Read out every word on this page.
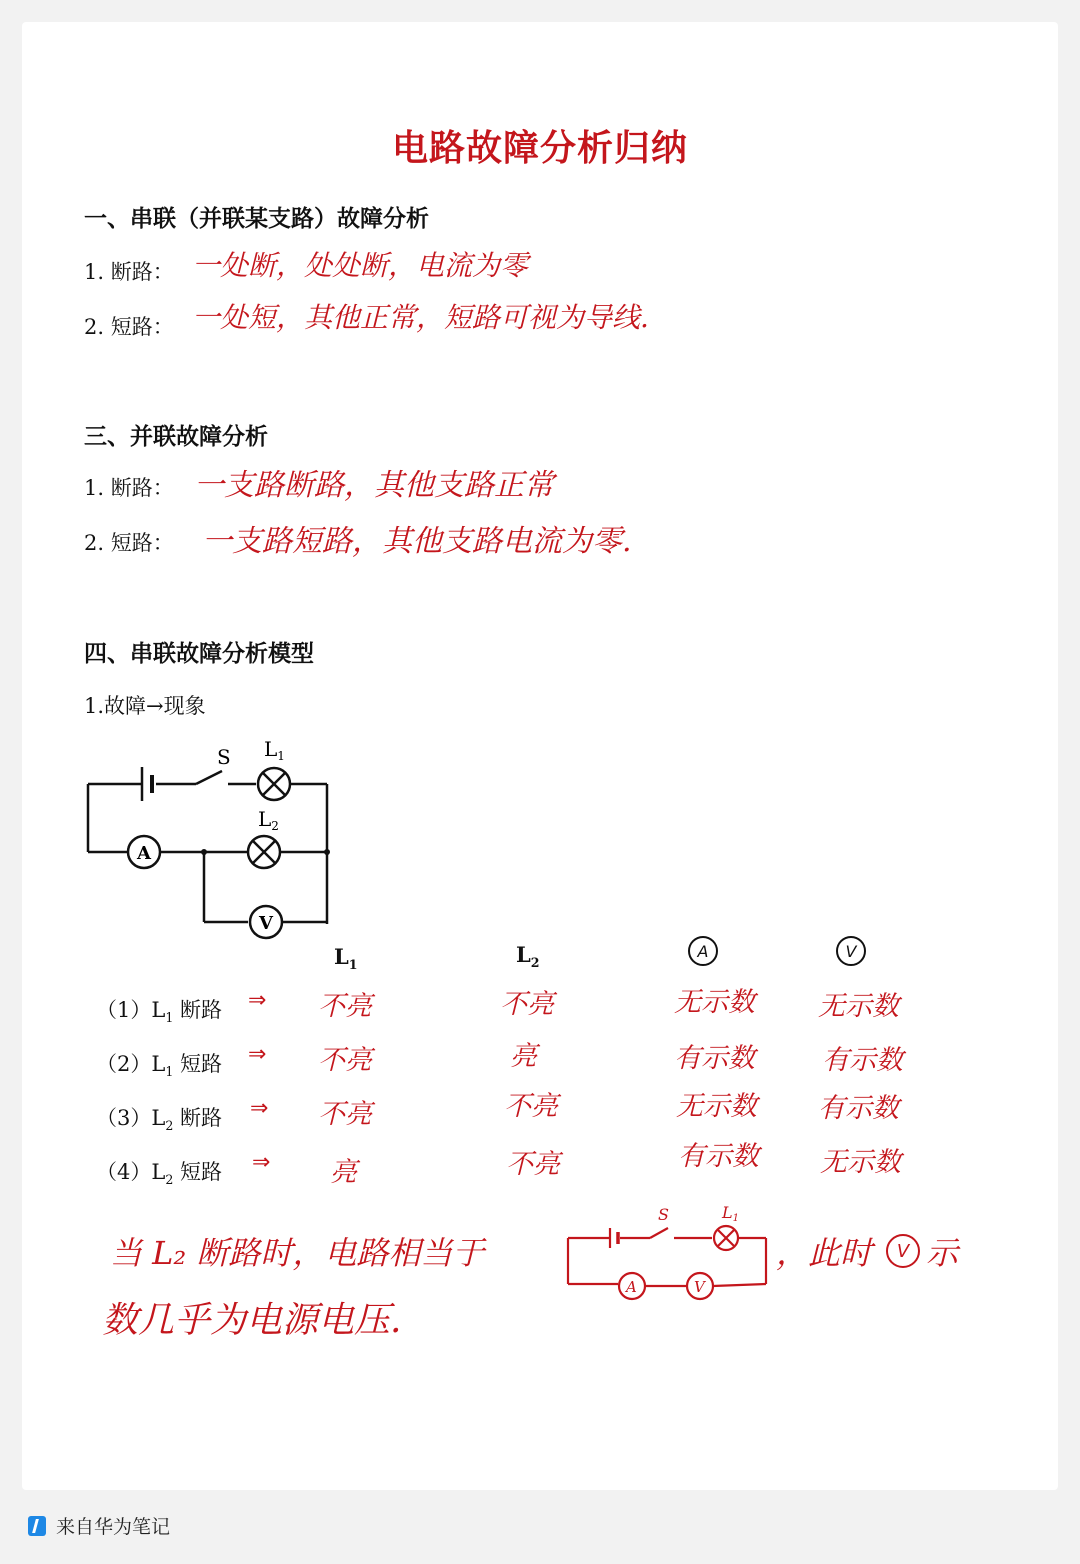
电路故障分析归纳
一、串联（并联某支路）故障分析
1. 断路： 一处断，处处断，电流为零
2. 短路： 一处短，其他正常，短路可视为导线.
三、并联故障分析
1. 断路： 一支路断路，其他支路正常
2. 短路： 一支路短路，其他支路电流为零.
四、串联故障分析模型
1.故障→现象
S $L_1$
$L_2$
A
V
$L_1$	$L_2$
A	V
$(1)L_1$ 断路 ⇒ 不亮	不亮	无示数 无示数
$(2)L_1$ 短路 ⇒ 不亮	亮	有示数 有示数
$(3)L_2$ 断路 ⇒ 不亮	不亮	无示数 有示数
$(4)L_2$ 短路 ⇒ 亮	不亮	有示数 无示数
当 L₂ 断路时，电路相当于
S	L1
A	V
，此时	V 示
数几乎为电源电压.
来自华为笔记
